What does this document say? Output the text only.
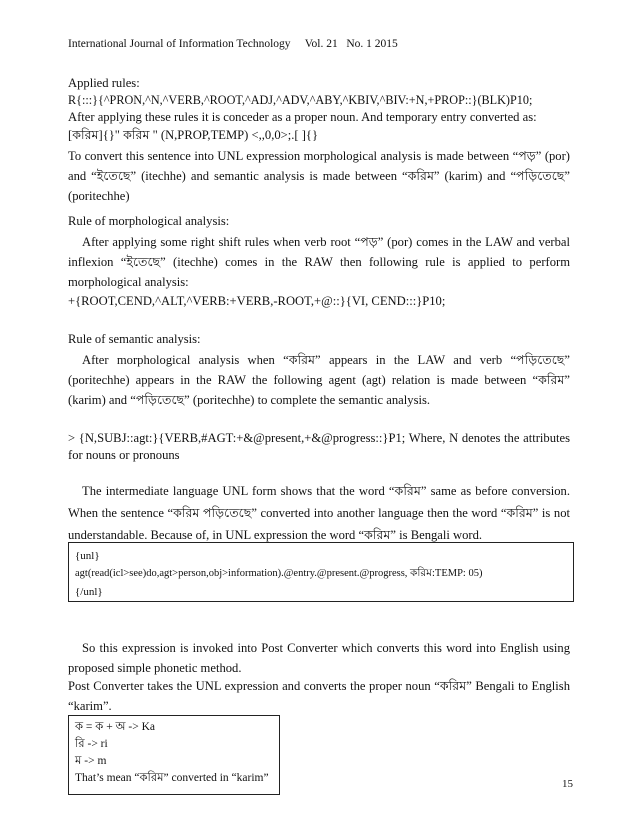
International Journal of Information Technology     Vol. 21   No. 1 2015
Applied rules:
R{:::}{^PRON,^N,^VERB,^ROOT,^ADJ,^ADV,^ABY,^KBIV,^BIV:+N,+PROP::}(BLK)P10;
After applying these rules it is conceder as a proper noun. And temporary entry converted as:
[করিম]{}" করিম " (N,PROP,TEMP) <,,0,0>;.[ ]{}
To convert this sentence into UNL expression morphological analysis is made between “পড়” (por) and “ইতেছে” (itechhe) and semantic analysis is made between “করিম” (karim) and “পড়িতেছে” (poritechhe)
Rule of morphological analysis:
After applying some right shift rules when verb root “পড়” (por) comes in the LAW and verbal inflexion “ইতেছে” (itechhe) comes in the RAW then following rule is applied to perform morphological analysis:
+{ROOT,CEND,^ALT,^VERB:+VERB,-ROOT,+@::}{VI, CEND:::}P10;
Rule of semantic analysis:
After morphological analysis when “করিম” appears in the LAW and verb “পড়িতেছে” (poritechhe) appears in the RAW the following agent (agt) relation is made between “করিম” (karim) and “পড়িতেছে” (poritechhe) to complete the semantic analysis.
> {N,SUBJ::agt:}{VERB,#AGT:+&@present,+&@progress::}P1; Where, N denotes the attributes for nouns or pronouns
The intermediate language UNL form shows that the word “করিম” same as before conversion. When the sentence “করিম পড়িতেছে” converted into another language then the word “করিম” is not understandable. Because of, in UNL expression the word “করিম” is Bengali word.
{unl}
agt(read(icl>see)do,agt>person,obj>information).@entry.@present.@progress, করিম:TEMP: 05)
{/unl}
So this expression is invoked into Post Converter which converts this word into English using proposed simple phonetic method.
Post Converter takes the UNL expression and converts the proper noun “করিম” Bengali to English “karim”.
ক = ক + অ -> Ka
রি -> ri
ম -> m
That’s mean “করিম” converted in “karim”	15
